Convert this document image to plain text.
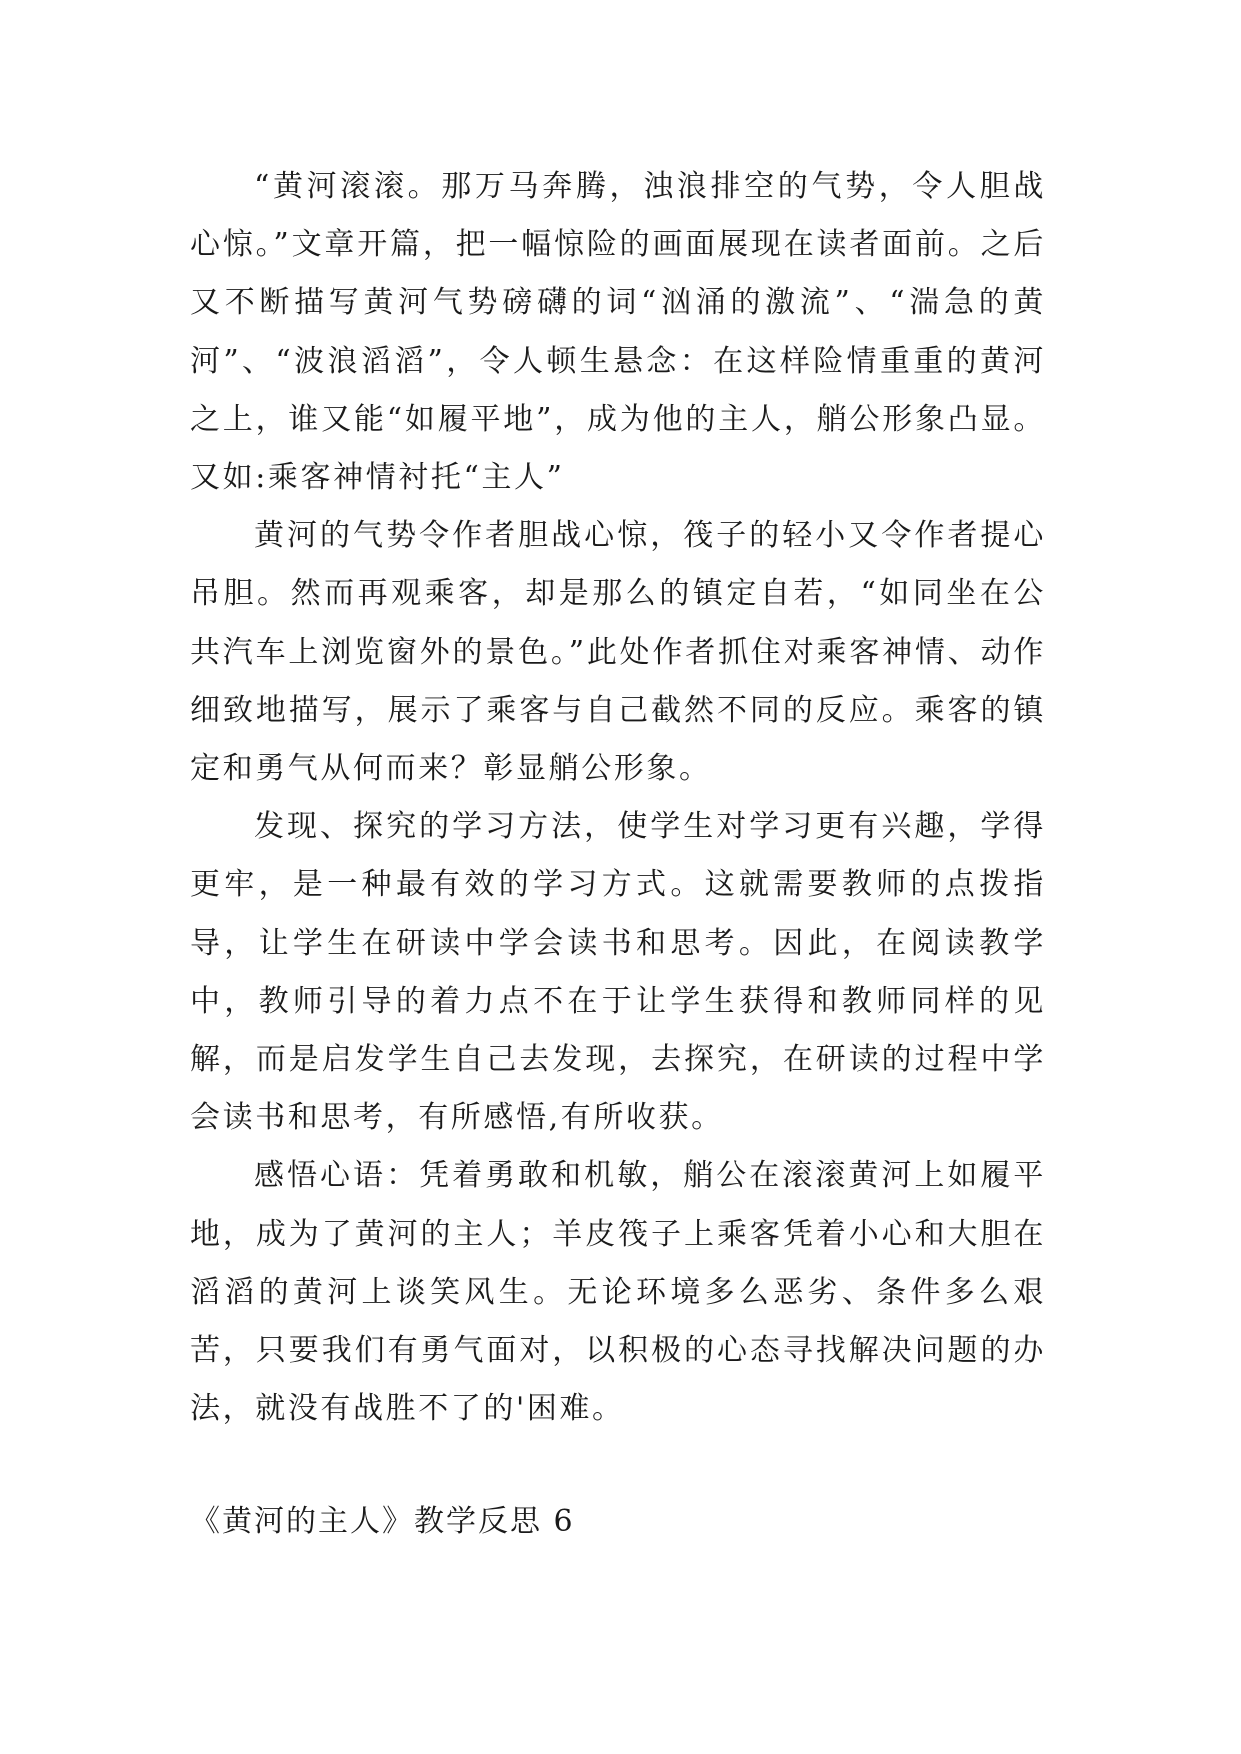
“黄河滚滚。那万马奔腾，浊浪排空的气势，令人胆战心惊。”文章开篇，把一幅惊险的画面展现在读者面前。之后又不断描写黄河气势磅礴的词“汹涌的激流”、“湍急的黄河”、“波浪滔滔”，令人顿生悬念：在这样险情重重的黄河之上，谁又能“如履平地”，成为他的主人，艄公形象凸显。又如:乘客神情衬托“主人”

黄河的气势令作者胆战心惊，筏子的轻小又令作者提心吊胆。然而再观乘客，却是那么的镇定自若，“如同坐在公共汽车上浏览窗外的景色。”此处作者抓住对乘客神情、动作细致地描写，展示了乘客与自己截然不同的反应。乘客的镇定和勇气从何而来？彰显艄公形象。

发现、探究的学习方法，使学生对学习更有兴趣，学得更牢，是一种最有效的学习方式。这就需要教师的点拨指导，让学生在研读中学会读书和思考。因此，在阅读教学中，教师引导的着力点不在于让学生获得和教师同样的见解，而是启发学生自己去发现，去探究，在研读的过程中学会读书和思考，有所感悟,有所收获。

感悟心语：凭着勇敢和机敏，艄公在滚滚黄河上如履平地，成为了黄河的主人；羊皮筏子上乘客凭着小心和大胆在滔滔的黄河上谈笑风生。无论环境多么恶劣、条件多么艰苦，只要我们有勇气面对，以积极的心态寻找解决问题的办法，就没有战胜不了的'困难。

《黄河的主人》教学反思 6
